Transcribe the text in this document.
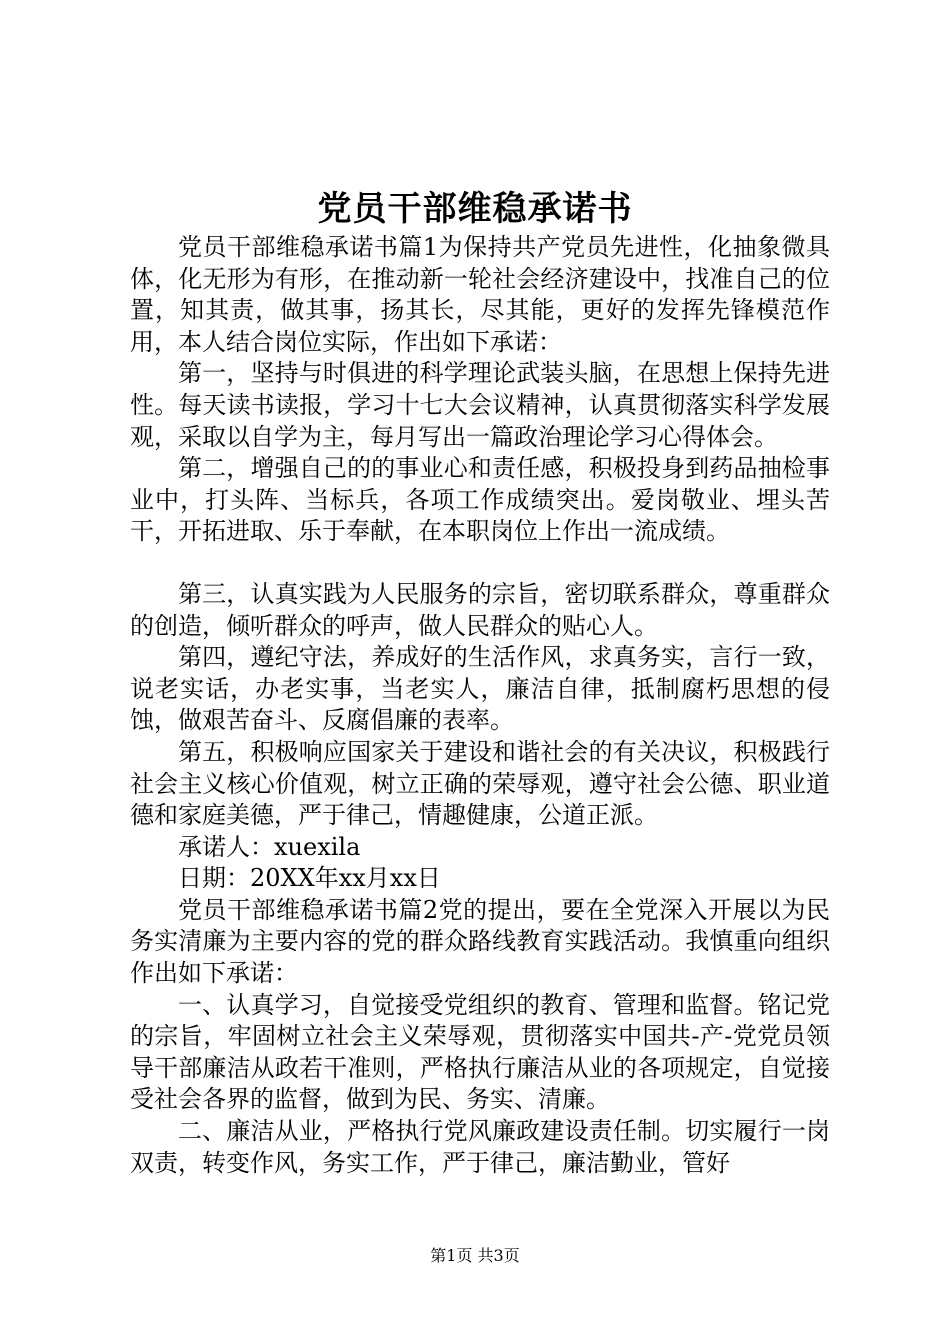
党员干部维稳承诺书

党员干部维稳承诺书篇1为保持共产党员先进性，化抽象微具体，化无形为有形，在推动新一轮社会经济建设中，找准自己的位置，知其责，做其事，扬其长，尽其能，更好的发挥先锋模范作用，本人结合岗位实际，作出如下承诺：

第一，坚持与时俱进的科学理论武装头脑，在思想上保持先进性。每天读书读报，学习十七大会议精神，认真贯彻落实科学发展观，采取以自学为主，每月写出一篇政治理论学习心得体会。

第二，增强自己的的事业心和责任感，积极投身到药品抽检事业中，打头阵、当标兵，各项工作成绩突出。爱岗敬业、埋头苦干，开拓进取、乐于奉献，在本职岗位上作出一流成绩。

第三，认真实践为人民服务的宗旨，密切联系群众，尊重群众的创造，倾听群众的呼声，做人民群众的贴心人。

第四，遵纪守法，养成好的生活作风，求真务实，言行一致，说老实话，办老实事，当老实人，廉洁自律，抵制腐朽思想的侵蚀，做艰苦奋斗、反腐倡廉的表率。

第五，积极响应国家关于建设和谐社会的有关决议，积极践行社会主义核心价值观，树立正确的荣辱观，遵守社会公德、职业道德和家庭美德，严于律己，情趣健康，公道正派。

承诺人：xuexila

日期：20XX年xx月xx日

党员干部维稳承诺书篇2党的提出，要在全党深入开展以为民务实清廉为主要内容的党的群众路线教育实践活动。我慎重向组织作出如下承诺：

一、认真学习，自觉接受党组织的教育、管理和监督。铭记党的宗旨，牢固树立社会主义荣辱观，贯彻落实中国共-产-党党员领导干部廉洁从政若干准则，严格执行廉洁从业的各项规定，自觉接受社会各界的监督，做到为民、务实、清廉。

二、廉洁从业，严格执行党风廉政建设责任制。切实履行一岗双责，转变作风，务实工作，严于律己，廉洁勤业，管好

第1页 共3页
